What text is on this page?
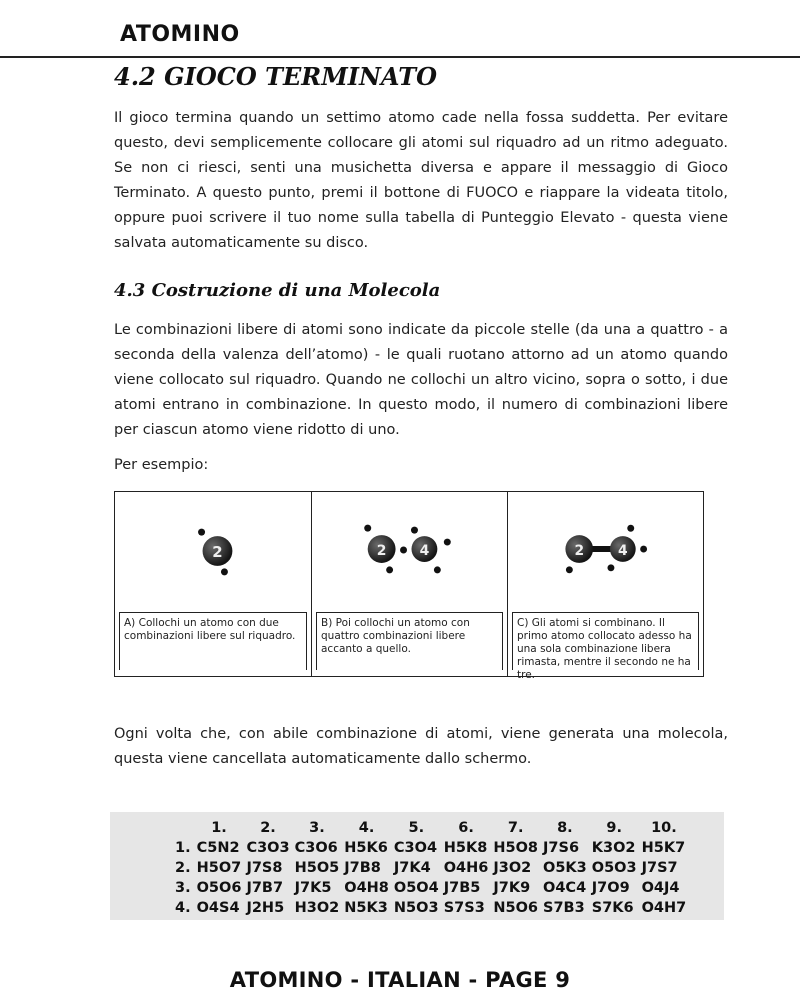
ATOMINO
4.2 GIOCO TERMINATO

Il gioco termina quando un settimo atomo cade nella fossa suddetta. Per evitare questo, devi semplicemente collocare gli atomi sul riquadro ad un ritmo adeguato. Se non ci riesci, senti una musichetta diversa e appare il messaggio di Gioco Terminato. A questo punto, premi il bottone di FUOCO e riappare la videata titolo, oppure puoi scrivere il tuo nome sulla tabella di Punteggio Elevato - questa viene salvata automaticamente su disco.

4.3 Costruzione di una Molecola

Le combinazioni libere di atomi sono indicate da piccole stelle (da una a quattro - a seconda della valenza dell’atomo) - le quali ruotano attorno ad un atomo quando viene collocato sul riquadro. Quando ne collochi un altro vicino, sopra o sotto, i due atomi entrano in combinazione. In questo modo, il numero di combinazioni libere per ciascun atomo viene ridotto di uno.

Per esempio:

2
A) Collochi un atomo con due combinazioni libere sul riquadro.
2 4
B) Poi collochi un atomo con quattro combinazioni libere accanto a quello.
2 4
C) Gli atomi si combinano. Il primo atomo collocato adesso ha una sola combinazione libera rimasta, mentre il secondo ne ha tre.

Ogni volta che, con abile combinazione di atomi, viene generata una molecola, questa viene cancellata automaticamente dallo schermo.

	1.	2.	3.	4.	5.	6.	7.	8.	9.	10.
1.	C5N2	C3O3	C3O6	H5K6	C3O4	H5K8	H5O8	J7S6	K3O2	H5K7
2.	H5O7	J7S8	H5O5	J7B8	J7K4	O4H6	J3O2	O5K3	O5O3	J7S7
3.	O5O6	J7B7	J7K5	O4H8	O5O4	J7B5	J7K9	O4C4	J7O9	O4J4
4.	O4S4	J2H5	H3O2	N5K3	N5O3	S7S3	N5O6	S7B3	S7K6	O4H7
ATOMINO - ITALIAN - PAGE 9
